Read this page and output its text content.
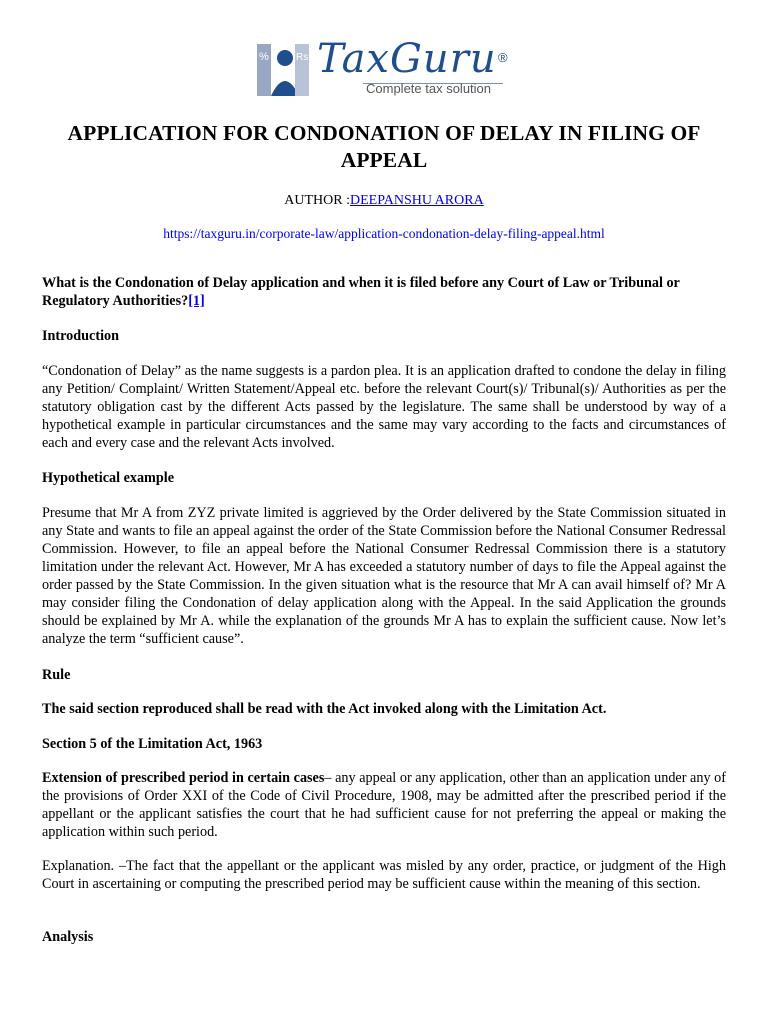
%	Rs TaxGuru ®
Complete tax solution
APPLICATION FOR CONDONATION OF DELAY IN FILING OF APPEAL
AUTHOR :DEEPANSHU ARORA
https://taxguru.in/corporate-law/application-condonation-delay-filing-appeal.html

What is the Condonation of Delay application and when it is filed before any Court of Law or Tribunal or Regulatory Authorities?[1]

Introduction

“Condonation of Delay” as the name suggests is a pardon plea. It is an application drafted to condone the delay in filing any Petition/ Complaint/ Written Statement/Appeal etc. before the relevant Court(s)/ Tribunal(s)/ Authorities as per the statutory obligation cast by the different Acts passed by the legislature. The same shall be understood by way of a hypothetical example in particular circumstances and the same may vary according to the facts and circumstances of each and every case and the relevant Acts involved.

Hypothetical example

Presume that Mr A from ZYZ private limited is aggrieved by the Order delivered by the State Commission situated in any State and wants to file an appeal against the order of the State Commission before the National Consumer Redressal Commission. However, to file an appeal before the National Consumer Redressal Commission there is a statutory limitation under the relevant Act. However, Mr A has exceeded a statutory number of days to file the Appeal against the order passed by the State Commission. In the given situation what is the resource that Mr A can avail himself of? Mr A may consider filing the Condonation of delay application along with the Appeal. In the said Application the grounds should be explained by Mr A. while the explanation of the grounds Mr A has to explain the sufficient cause. Now let’s analyze the term “sufficient cause”.

Rule

The said section reproduced shall be read with the Act invoked along with the Limitation Act.

Section 5 of the Limitation Act, 1963

Extension of prescribed period in certain cases– any appeal or any application, other than an application under any of the provisions of Order XXI of the Code of Civil Procedure, 1908, may be admitted after the prescribed period if the appellant or the applicant satisfies the court that he had sufficient cause for not preferring the appeal or making the application within such period.

Explanation. –The fact that the appellant or the applicant was misled by any order, practice, or judgment of the High Court in ascertaining or computing the prescribed period may be sufficient cause within the meaning of this section.

Analysis
